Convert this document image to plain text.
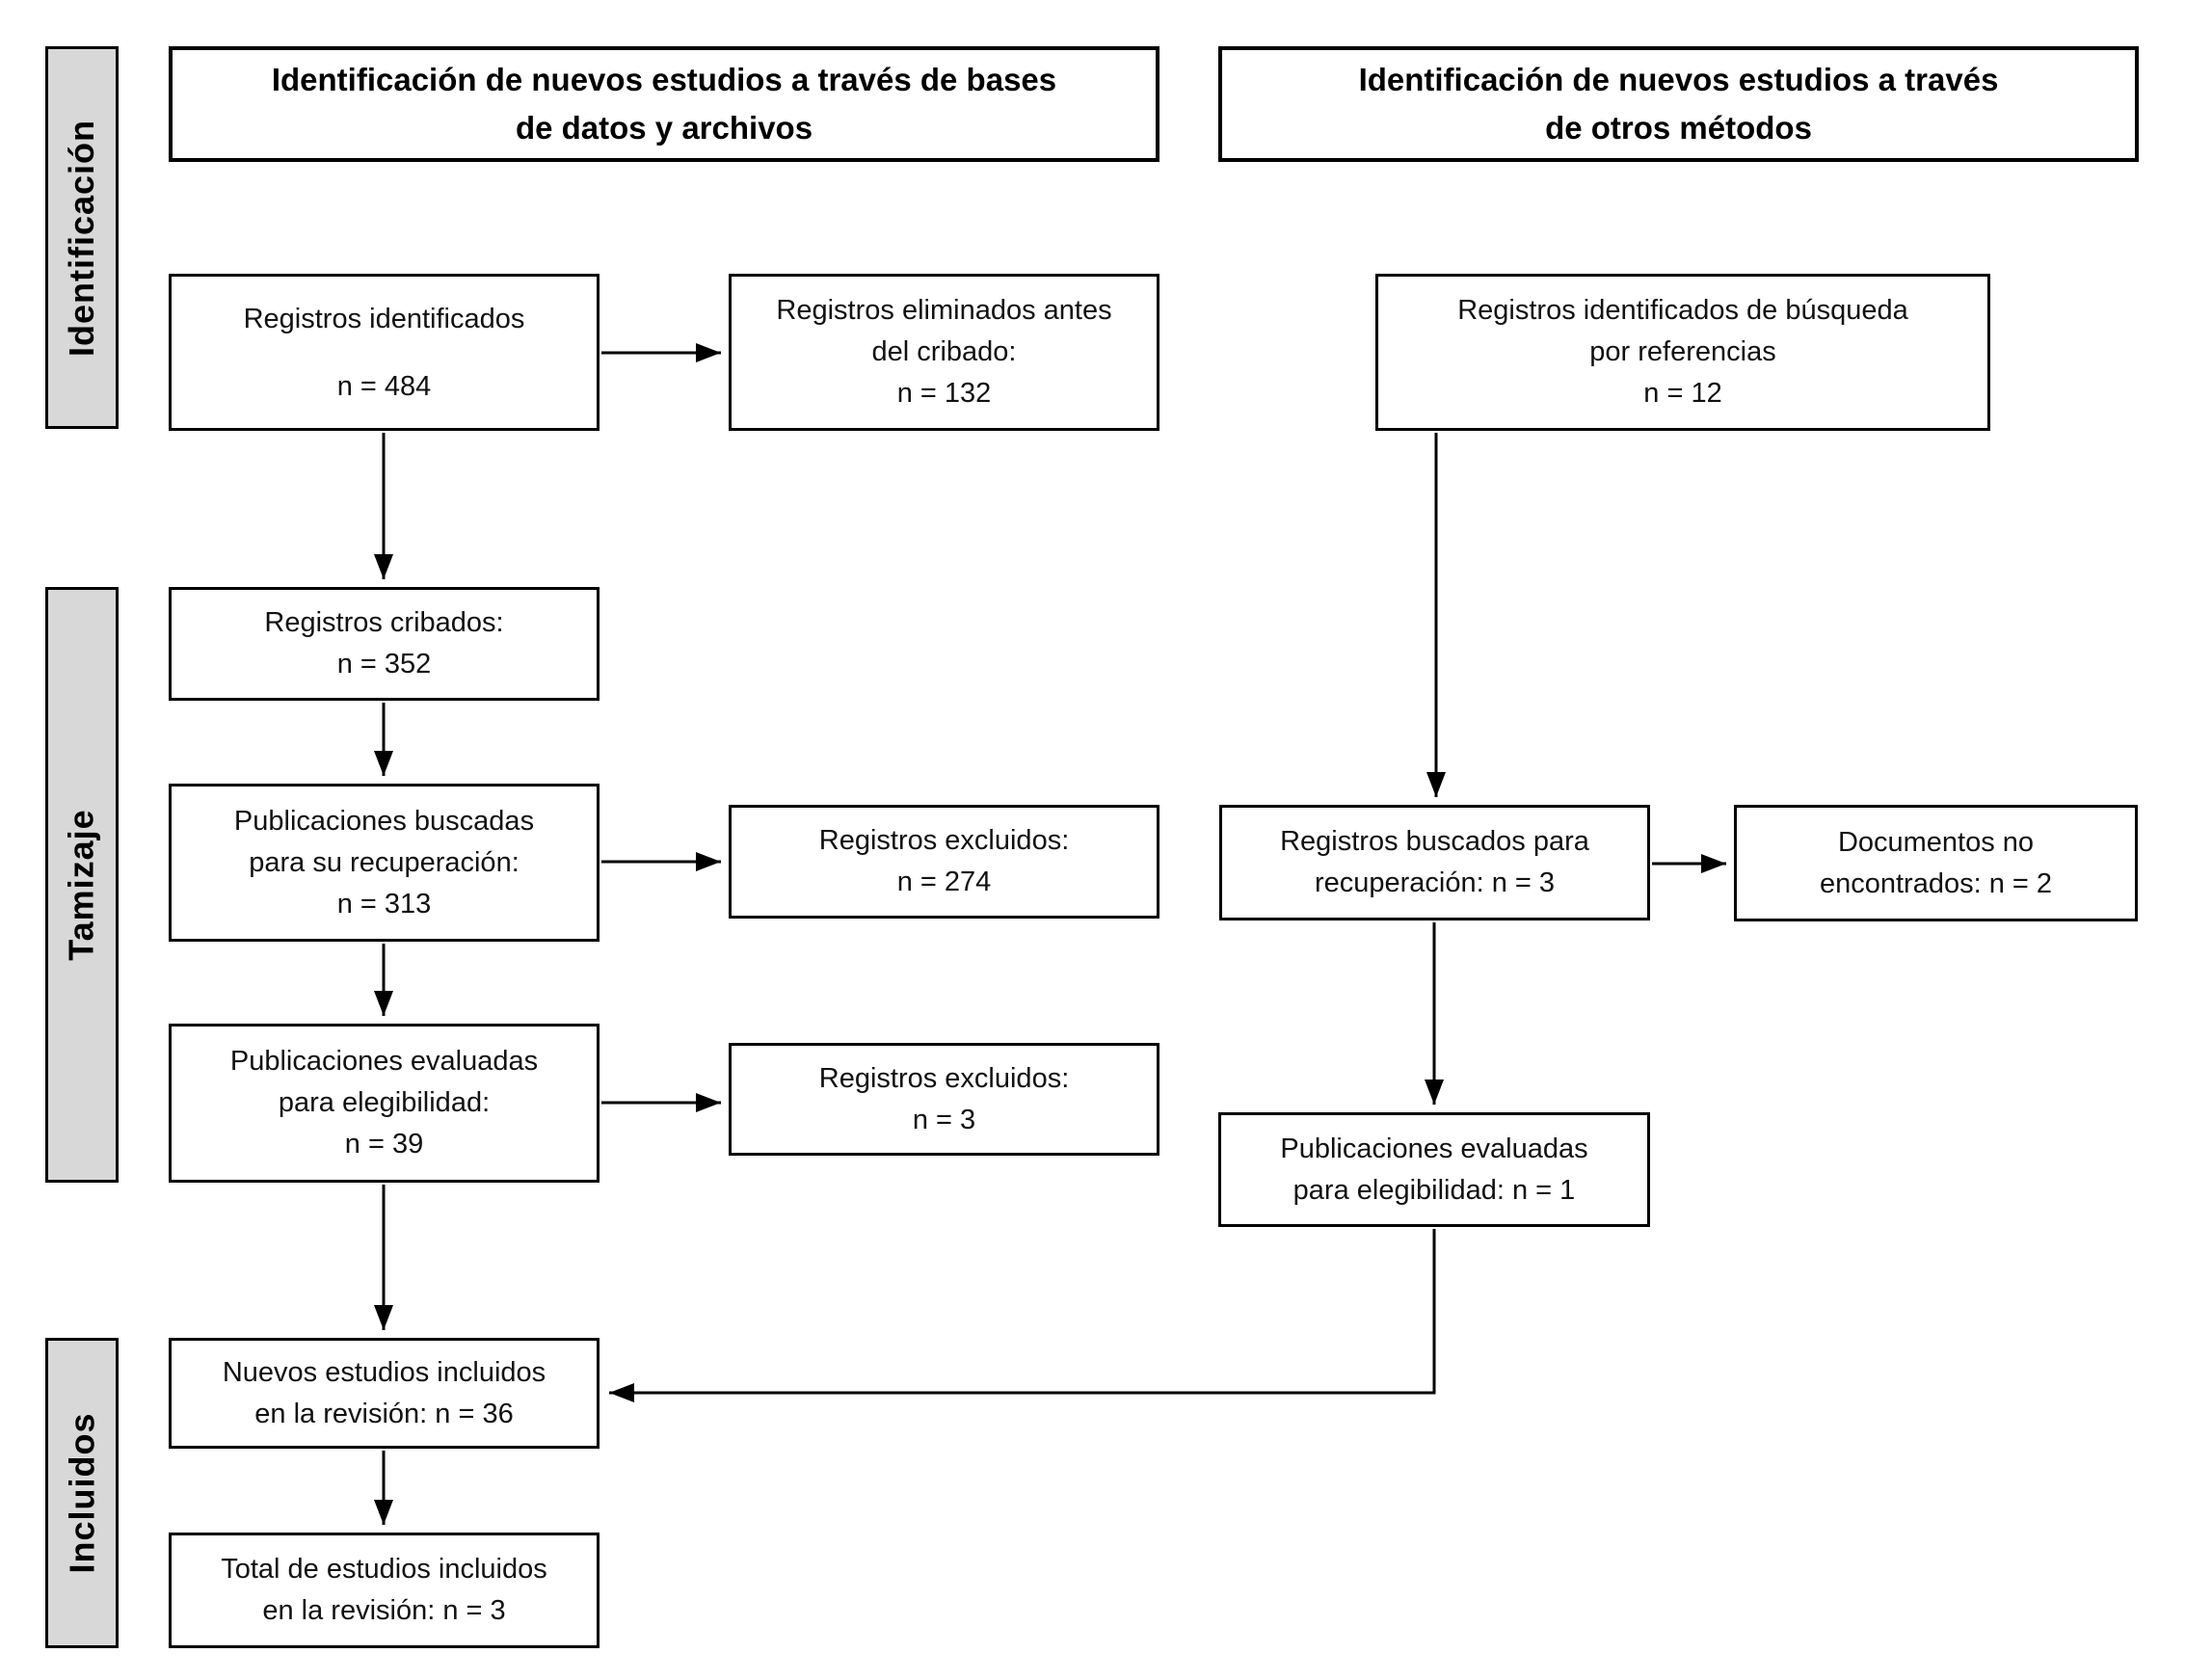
Identificación
Tamizaje
Incluidos
Identificación de nuevos estudios a través de bases
de datos y archivos
Identificación de nuevos estudios a través
de otros métodos
Registros identificados
n = 484
Registros eliminados antes
del cribado:
n = 132
Registros identificados de búsqueda
por referencias
n = 12
Registros cribados:
n = 352
Publicaciones buscadas
para su recuperación:
n = 313
Registros excluidos:
n = 274
Registros buscados para
recuperación: n = 3
Documentos no
encontrados: n = 2
Publicaciones evaluadas
para elegibilidad:
n = 39
Registros excluidos:
n = 3
Publicaciones evaluadas
para elegibilidad: n = 1
Nuevos estudios incluidos
en la revisión: n = 36
Total de estudios incluidos
en la revisión: n = 3
